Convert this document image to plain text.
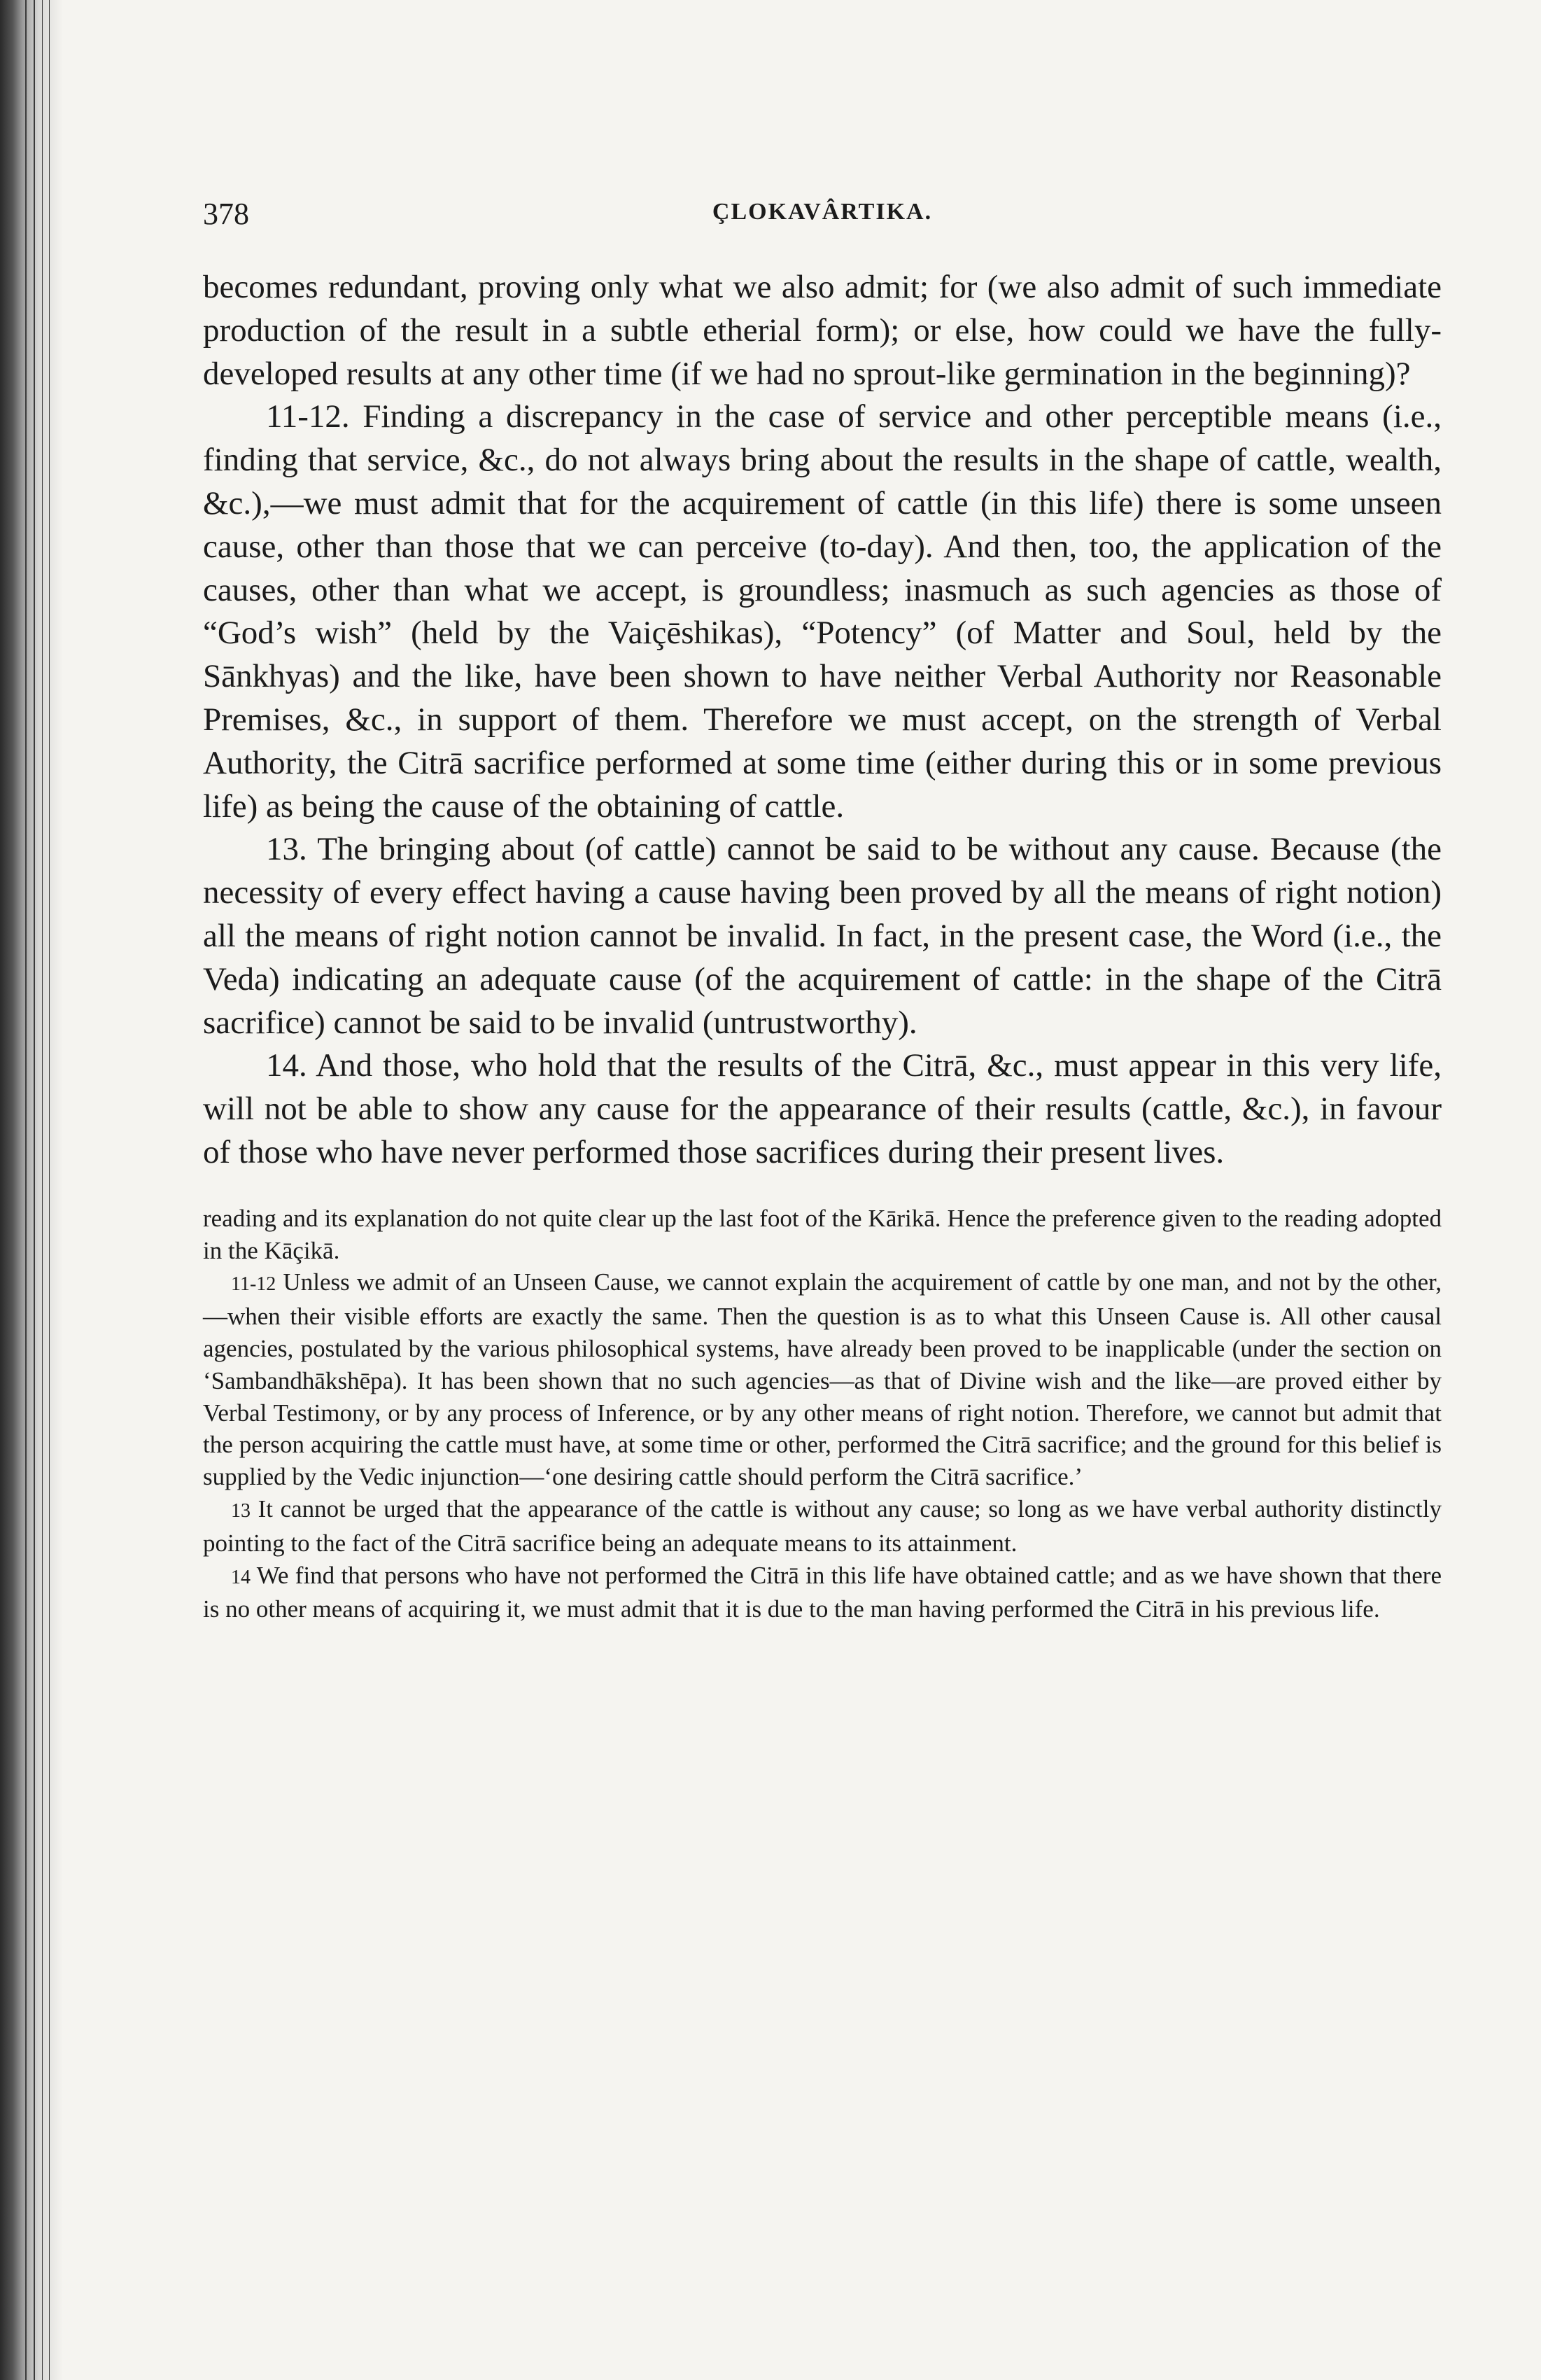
378	ÇLOKAVÂRTIKA.

becomes redundant, proving only what we also admit; for (we also admit of such immediate production of the result in a subtle etherial form); or else, how could we have the fully-developed results at any other time (if we had no sprout-like germination in the beginning)?

11-12. Finding a discrepancy in the case of service and other perceptible means (i.e., finding that service, &c., do not always bring about the results in the shape of cattle, wealth, &c.),—we must admit that for the acquirement of cattle (in this life) there is some unseen cause, other than those that we can perceive (to-day). And then, too, the application of the causes, other than what we accept, is groundless; inasmuch as such agencies as those of “God’s wish” (held by the Vaiçēshikas), “Potency” (of Matter and Soul, held by the Sānkhyas) and the like, have been shown to have neither Verbal Authority nor Reasonable Premises, &c., in support of them. Therefore we must accept, on the strength of Verbal Authority, the Citrā sacrifice performed at some time (either during this or in some previous life) as being the cause of the obtaining of cattle.

13. The bringing about (of cattle) cannot be said to be without any cause. Because (the necessity of every effect having a cause having been proved by all the means of right notion) all the means of right notion cannot be invalid. In fact, in the present case, the Word (i.e., the Veda) indicating an adequate cause (of the acquirement of cattle: in the shape of the Citrā sacrifice) cannot be said to be invalid (untrustworthy).

14. And those, who hold that the results of the Citrā, &c., must appear in this very life, will not be able to show any cause for the appearance of their results (cattle, &c.), in favour of those who have never performed those sacrifices during their present lives.

reading and its explanation do not quite clear up the last foot of the Kārikā. Hence the preference given to the reading adopted in the Kāçikā.

11-12 Unless we admit of an Unseen Cause, we cannot explain the acquirement of cattle by one man, and not by the other,—when their visible efforts are exactly the same. Then the question is as to what this Unseen Cause is. All other causal agencies, postulated by the various philosophical systems, have already been proved to be inapplicable (under the section on ‘Sambandhākshēpa). It has been shown that no such agencies—as that of Divine wish and the like—are proved either by Verbal Testimony, or by any process of Inference, or by any other means of right notion. Therefore, we cannot but admit that the person acquiring the cattle must have, at some time or other, performed the Citrā sacrifice; and the ground for this belief is supplied by the Vedic injunction—‘one desiring cattle should perform the Citrā sacrifice.’

13 It cannot be urged that the appearance of the cattle is without any cause; so long as we have verbal authority distinctly pointing to the fact of the Citrā sacrifice being an adequate means to its attainment.

14 We find that persons who have not performed the Citrā in this life have obtained cattle; and as we have shown that there is no other means of acquiring it, we must admit that it is due to the man having performed the Citrā in his previous life.
